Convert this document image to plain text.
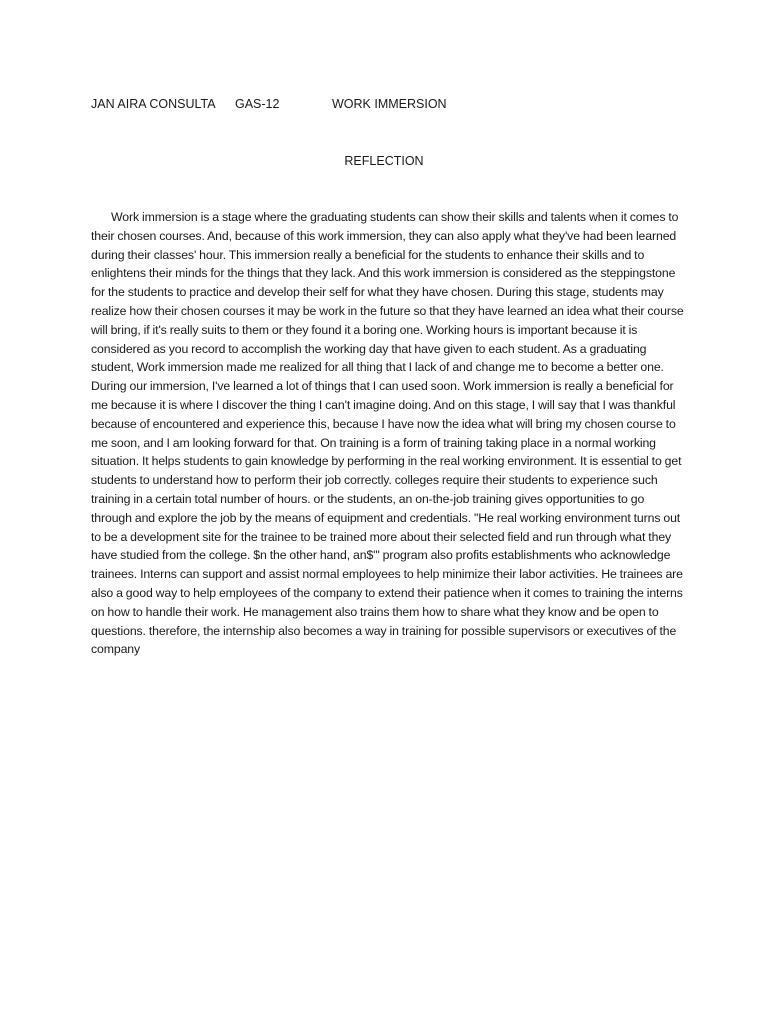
JAN AIRA CONSULTA GAS-12	WORK IMMERSION
REFLECTION

Work immersion is a stage where the graduating students can show their skills and talents when it comes to their chosen courses. And, because of this work immersion, they can also apply what they've had been learned during their classes' hour. This immersion really a beneficial for the students to enhance their skills and to enlightens their minds for the things that they lack. And this work immersion is considered as the steppingstone for the students to practice and develop their self for what they have chosen. During this stage, students may realize how their chosen courses it may be work in the future so that they have learned an idea what their course will bring, if it's really suits to them or they found it a boring one. Working hours is important because it is considered as you record to accomplish the working day that have given to each student. As a graduating student, Work immersion made me realized for all thing that I lack of and change me to become a better one. During our immersion, I've learned a lot of things that I can used soon. Work immersion is really a beneficial for me because it is where I discover the thing I can't imagine doing. And on this stage, I will say that I was thankful because of encountered and experience this, because I have now the idea what will bring my chosen course to me soon, and I am looking forward for that. On training is a form of training taking place in a normal working situation. It helps students to gain knowledge by performing in the real working environment. It is essential to get students to understand how to perform their job correctly. colleges require their students to experience such training in a certain total number of hours. or the students, an on-the-job training gives opportunities to go through and explore the job by the means of equipment and credentials. "He real working environment turns out to be a development site for the trainee to be trained more about their selected field and run through what they have studied from the college. $n the other hand, an$'" program also profits establishments who acknowledge trainees. Interns can support and assist normal employees to help minimize their labor activities. He trainees are also a good way to help employees of the company to extend their patience when it comes to training the interns on how to handle their work. He management also trains them how to share what they know and be open to questions. therefore, the internship also becomes a way in training for possible supervisors or executives of the company
